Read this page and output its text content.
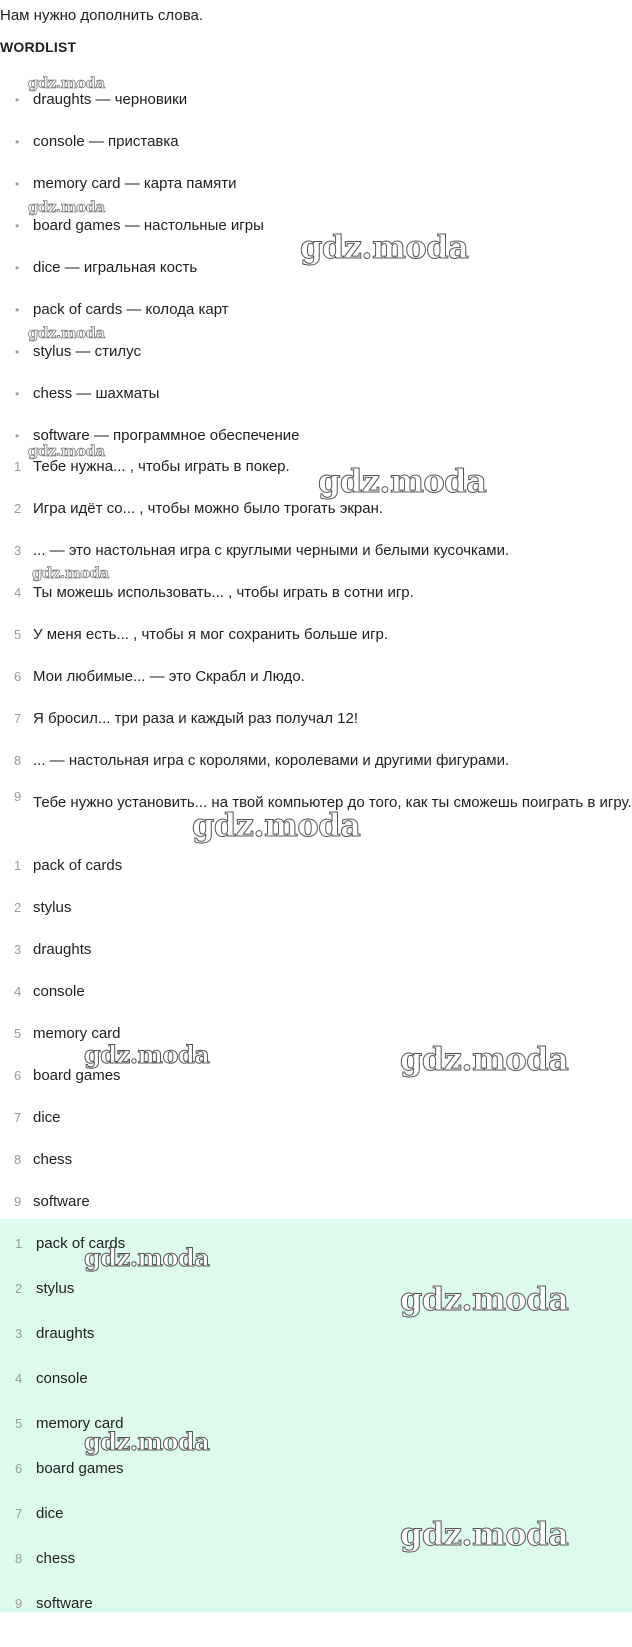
Нам нужно дополнить слова.
WORDLIST
• draughts — черновики
• console — приставка
• memory card — карта памяти
• board games — настольные игры
• dice — игральная кость
• pack of cards — колода карт
• stylus — стилус
• chess — шахматы
• software — программное обеспечение
1 Тебе нужна... , чтобы играть в покер.
2 Игра идёт со... , чтобы можно было трогать экран.
3 ... — это настольная игра с круглыми черными и белыми кусочками.
4 Ты можешь использовать... , чтобы играть в сотни игр.
5 У меня есть... , чтобы я мог сохранить больше игр.
6 Мои любимые... — это Скрабл и Людо.
7 Я бросил... три раза и каждый раз получал 12!
8 ... — настольная игра с королями, королевами и другими фигурами.
9 Тебе нужно установить... на твой компьютер до того, как ты сможешь поиграть в игру.
1 pack of cards
2 stylus
3 draughts
4 console
5 memory card
6 board games
7 dice
8 chess
9 software
1 pack of cards
2 stylus
3 draughts
4 console
5 memory card
6 board games
7 dice
8 chess
9 software
gdz.moda
gdz.moda
gdz.moda
gdz.moda
gdz.moda
gdz.moda
gdz.moda
gdz.moda
gdz.moda	gdz.moda
gdz.moda
gdz.moda
gdz.moda
gdz.moda
